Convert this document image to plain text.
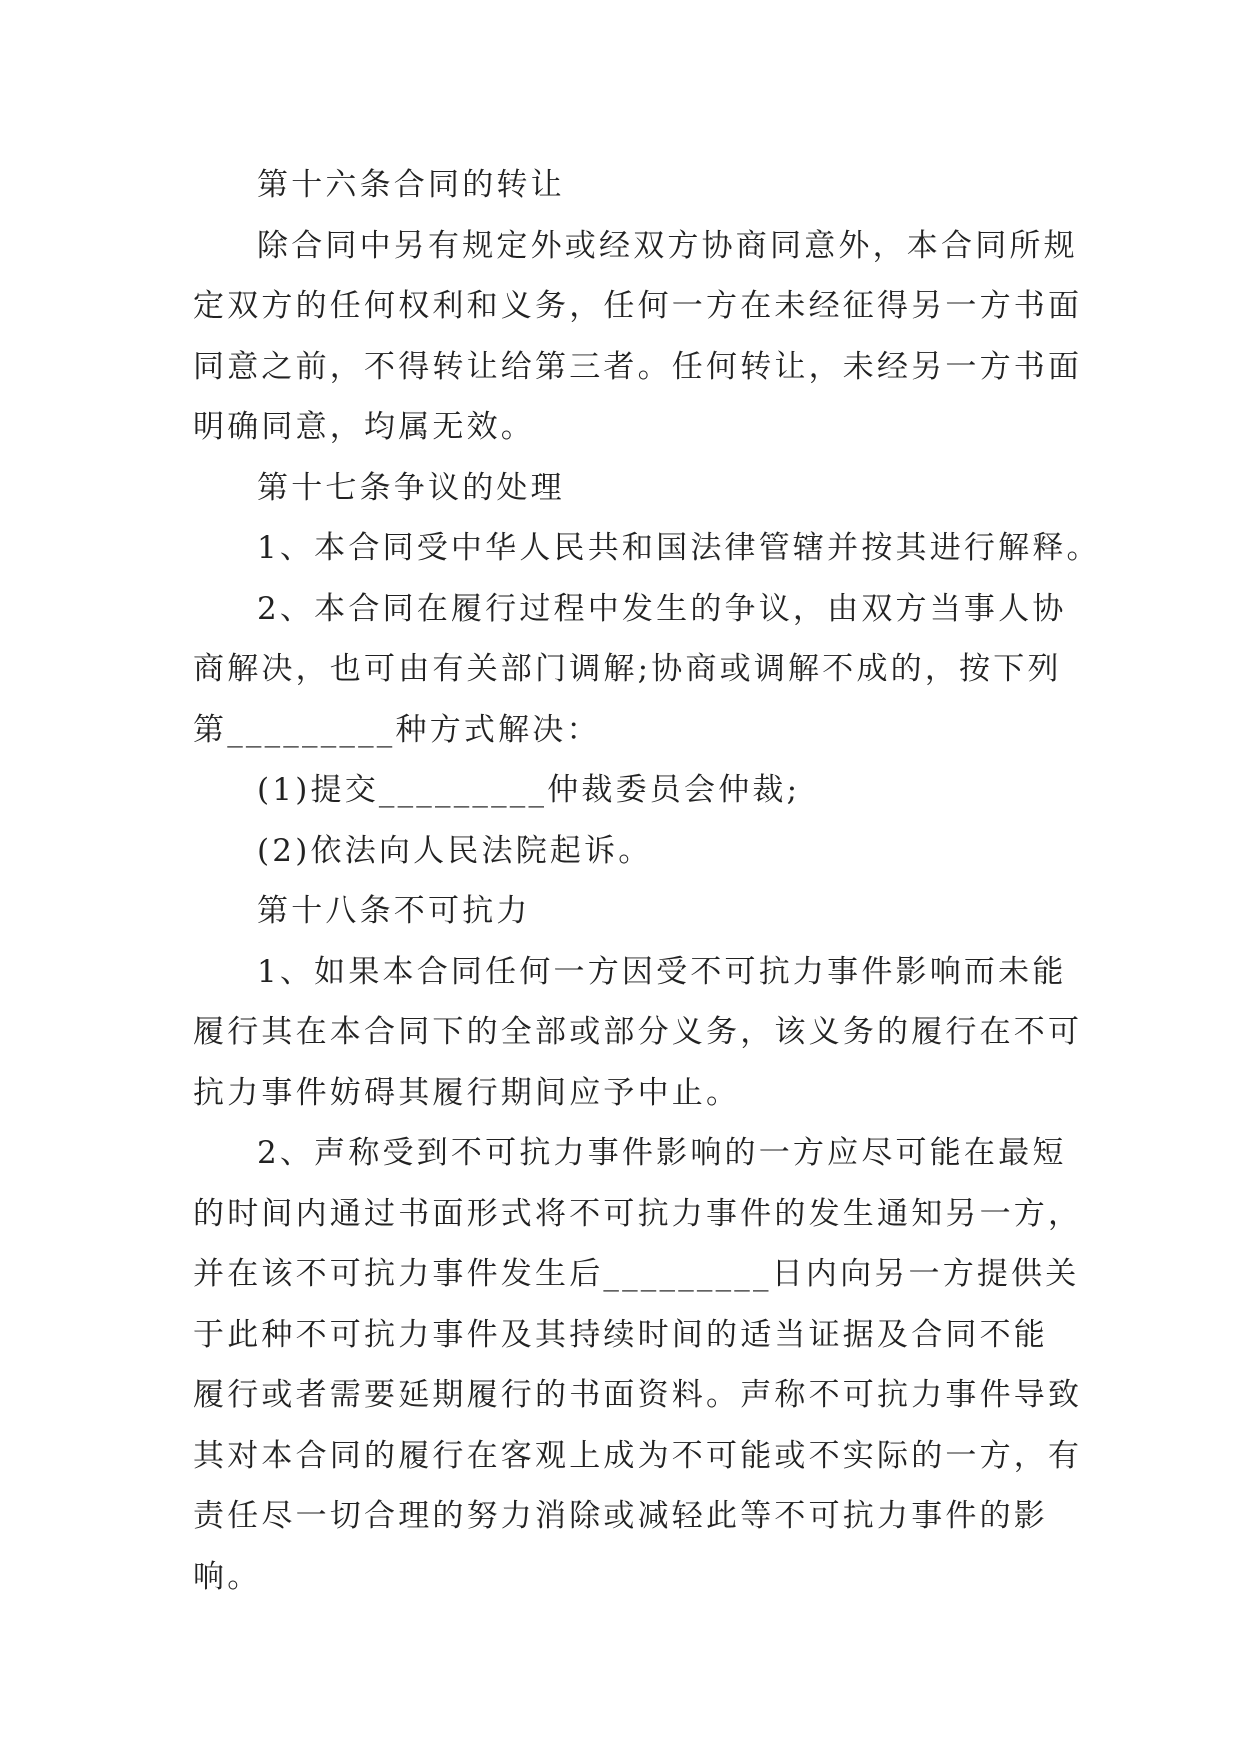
第十六条合同的转让
除合同中另有规定外或经双方协商同意外，本合同所规
定双方的任何权利和义务，任何一方在未经征得另一方书面
同意之前，不得转让给第三者。任何转让，未经另一方书面
明确同意，均属无效。
第十七条争议的处理
1、本合同受中华人民共和国法律管辖并按其进行解释。
2、本合同在履行过程中发生的争议，由双方当事人协
商解决，也可由有关部门调解;协商或调解不成的，按下列
第_________种方式解决：
(1)提交_________仲裁委员会仲裁;
(2)依法向人民法院起诉。
第十八条不可抗力
1、如果本合同任何一方因受不可抗力事件影响而未能
履行其在本合同下的全部或部分义务，该义务的履行在不可
抗力事件妨碍其履行期间应予中止。
2、声称受到不可抗力事件影响的一方应尽可能在最短
的时间内通过书面形式将不可抗力事件的发生通知另一方，
并在该不可抗力事件发生后_________日内向另一方提供关
于此种不可抗力事件及其持续时间的适当证据及合同不能
履行或者需要延期履行的书面资料。声称不可抗力事件导致
其对本合同的履行在客观上成为不可能或不实际的一方，有
责任尽一切合理的努力消除或减轻此等不可抗力事件的影
响。
